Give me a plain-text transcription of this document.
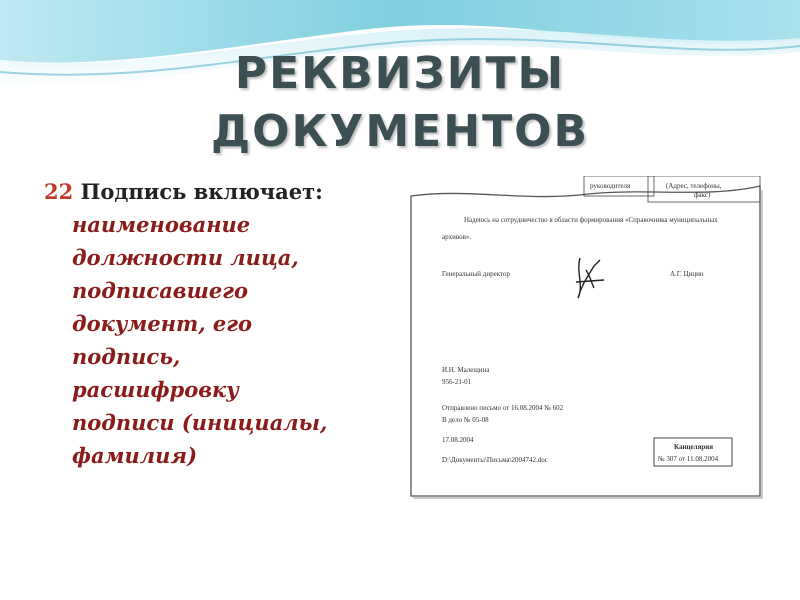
РЕКВИЗИТЫ
ДОКУМЕНТОВ
22 Подпись включает:
наименование
должности лица,
подписавшего
документ, его
подпись,
расшифровку
подписи (инициалы,
фамилия)
руководителя	(Адрес, телефоны,
факс)
Надеюсь на сотрудничество в области формирования «Справочника муниципальных
архивов».
Генеральный директор	А.Г. Цицин
И.Н. Малещина
956-21-01
Отправлено письмо от 16.08.2004 № 602
В дело № 05-08
17.08.2004
D:\Документы\Письма\2004742.doc
Канцелярия
№ 307 от 11.08.2004
